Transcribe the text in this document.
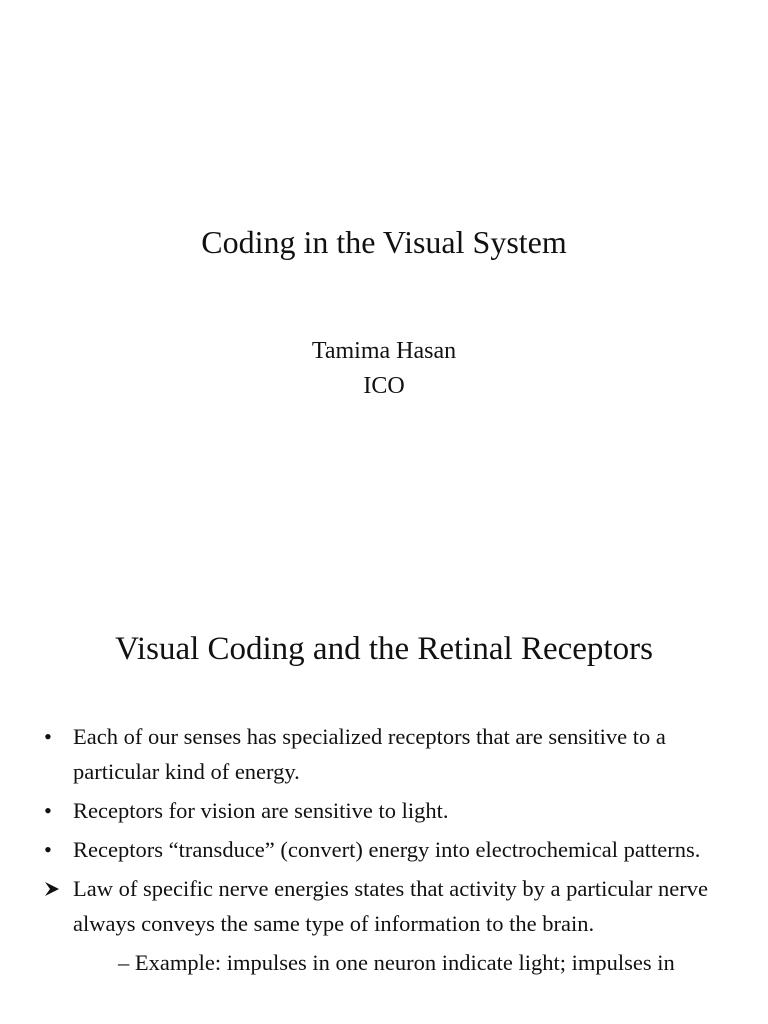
Coding in the Visual System
Tamima Hasan
ICO
Visual Coding and the Retinal Receptors
• Each of our senses has specialized receptors that are sensitive to a particular kind of energy.
• Receptors for vision are sensitive to light.
• Receptors “transduce” (convert) energy into electrochemical patterns.
Law of specific nerve energies states that activity by a particular nerve always conveys the same type of information to the brain.
– Example: impulses in one neuron indicate light; impulses in
